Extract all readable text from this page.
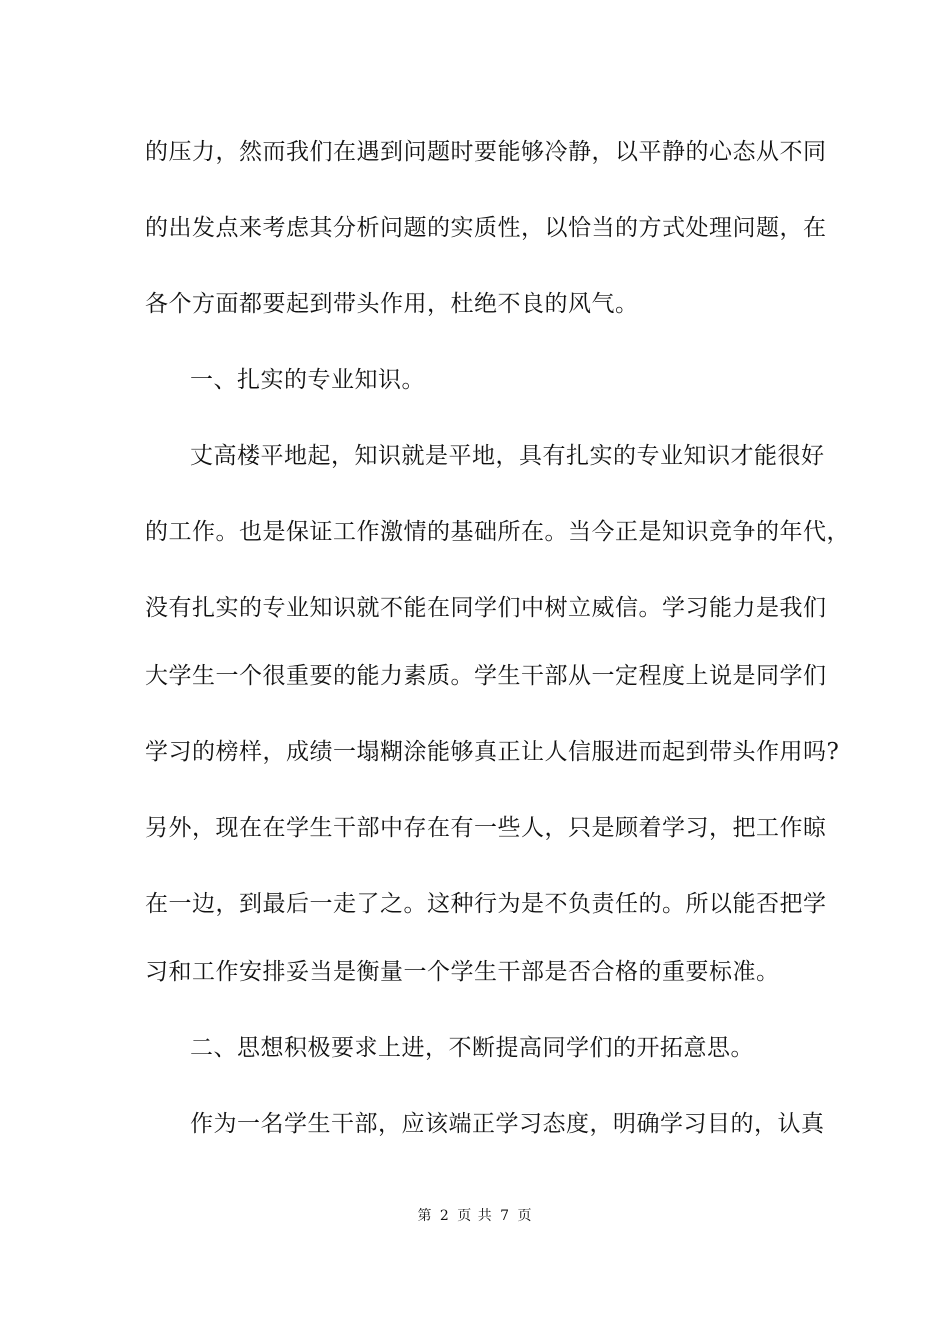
的压力，然而我们在遇到问题时要能够冷静，以平静的心态从不同
的出发点来考虑其分析问题的实质性，以恰当的方式处理问题，在
各个方面都要起到带头作用，杜绝不良的风气。
一、扎实的专业知识。
丈高楼平地起，知识就是平地，具有扎实的专业知识才能很好
的工作。也是保证工作激情的基础所在。当今正是知识竞争的年代，
没有扎实的专业知识就不能在同学们中树立威信。学习能力是我们
大学生一个很重要的能力素质。学生干部从一定程度上说是同学们
学习的榜样，成绩一塌糊涂能够真正让人信服进而起到带头作用吗?
另外，现在在学生干部中存在有一些人，只是顾着学习，把工作晾
在一边，到最后一走了之。这种行为是不负责任的。所以能否把学
习和工作安排妥当是衡量一个学生干部是否合格的重要标准。
二、思想积极要求上进，不断提高同学们的开拓意思。
作为一名学生干部，应该端正学习态度，明确学习目的，认真
第 2 页 共 7 页
